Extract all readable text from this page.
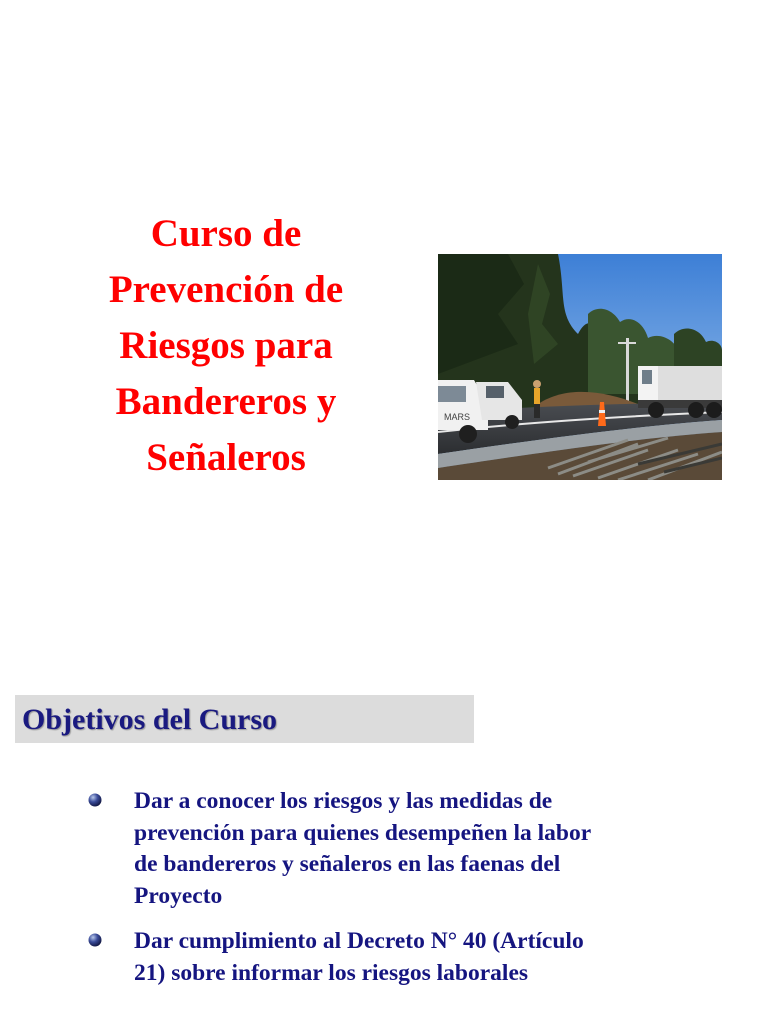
Curso de
Prevención de
Riesgos para
Bandereros y
Señaleros
MARS
Objetivos del Curso
Dar a conocer los riesgos y las medidas de
prevención para quienes desempeñen la labor
de bandereros y señaleros en las faenas del
Proyecto
Dar cumplimiento al Decreto N° 40 (Artículo
21) sobre informar los riesgos laborales
